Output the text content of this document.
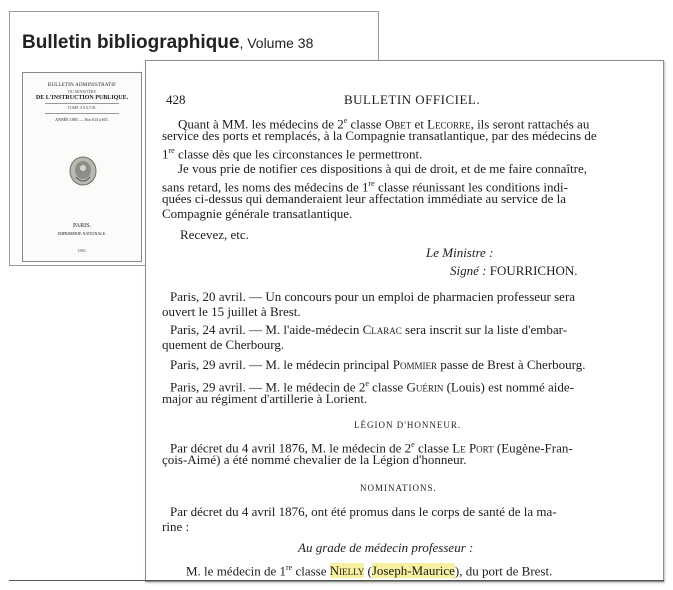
Bulletin bibliographique, Volume 38
BULLETIN ADMINISTRATIF
DU MINISTÈRE
DE L'INSTRUCTION PUBLIQUE.
TOME XXXVIII.
ANNÉE 1885. — Nos 613 à 651.
PARIS.
IMPRIMERIE NATIONALE.
1885.
428	BULLETIN OFFICIEL.
Quant à MM. les médecins de 2e classe Obet et Lecorre, ils seront rattachés au
service des ports et remplacés, à la Compagnie transatlantique, par des médecins de
1re classe dès que les circonstances le permettront.
Je vous prie de notifier ces dispositions à qui de droit, et de me faire connaître,
sans retard, les noms des médecins de 1re classe réunissant les conditions indi-
quées ci-dessus qui demanderaient leur affectation immédiate au service de la
Compagnie générale transatlantique.
Recevez, etc.
Le Ministre :
Signé : FOURRICHON.
Paris, 20 avril. — Un concours pour un emploi de pharmacien professeur sera
ouvert le 15 juillet à Brest.
Paris, 24 avril. — M. l'aide-médecin Clarac sera inscrit sur la liste d'embar-
quement de Cherbourg.
Paris, 29 avril. — M. le médecin principal Pommier passe de Brest à Cherbourg.
Paris, 29 avril. — M. le médecin de 2e classe Guérin (Louis) est nommé aide-
major au régiment d'artillerie à Lorient.
LÉGION D'HONNEUR.
Par décret du 4 avril 1876, M. le médecin de 2e classe Le Port (Eugène-Fran-
çois-Aimé) a été nommé chevalier de la Légion d'honneur.
NOMINATIONS.
Par décret du 4 avril 1876, ont été promus dans le corps de santé de la ma-
rine :
Au grade de médecin professeur :
M. le médecin de 1re classe Nielly (Joseph-Maurice), du port de Brest.
